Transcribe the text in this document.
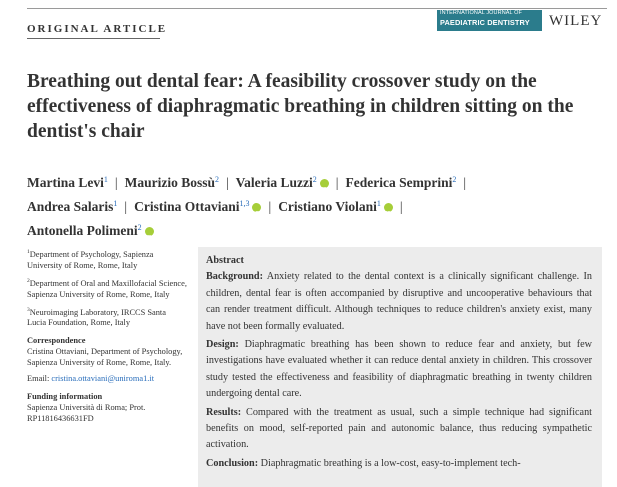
ORIGINAL ARTICLE
INTERNATIONAL JOURNAL OF
PAEDIATRIC DENTISTRY	WILEY
Breathing out dental fear: A feasibility crossover study on the effectiveness of diaphragmatic breathing in children sitting on the dentist's chair
Martina Levi$^1$ | Maurizio Bossù$^2$ | Valeria Luzzi$^2$ iD | Federica Semprini$^2$ |
Andrea Salaris$^1$ | Cristina Ottaviani$^{1,3}$ iD | Cristiano Violani$^1$ iD |
Antonella Polimeni$^2$iD

$^1$Department of Psychology, Sapienza University of Rome, Rome, Italy

$^2$Department of Oral and Maxillofacial Science, Sapienza University of Rome, Rome, Italy

$^3$Neuroimaging Laboratory, IRCCS Santa Lucia Foundation, Rome, Italy

Correspondence

Cristina Ottaviani, Department of Psychology, Sapienza University of Rome, Rome, Italy.

Email: cristina.ottaviani@uniroma1.it

Funding information

Sapienza Università di Roma; Prot. RP11816436631FD

Abstract

Background: Anxiety related to the dental context is a clinically significant challenge. In children, dental fear is often accompanied by disruptive and uncooperative behaviours that can render treatment difficult. Although techniques to reduce children's anxiety exist, many have not been formally evaluated.

Design: Diaphragmatic breathing has been shown to reduce fear and anxiety, but few investigations have evaluated whether it can reduce dental anxiety in children. This crossover study tested the effectiveness and feasibility of diaphragmatic breathing in twenty children undergoing dental care.

Results: Compared with the treatment as usual, such a simple technique had significant benefits on mood, self-reported pain and autonomic balance, thus reducing sympathetic activation.

Conclusion: Diaphragmatic breathing is a low-cost, easy-to-implement tech-
